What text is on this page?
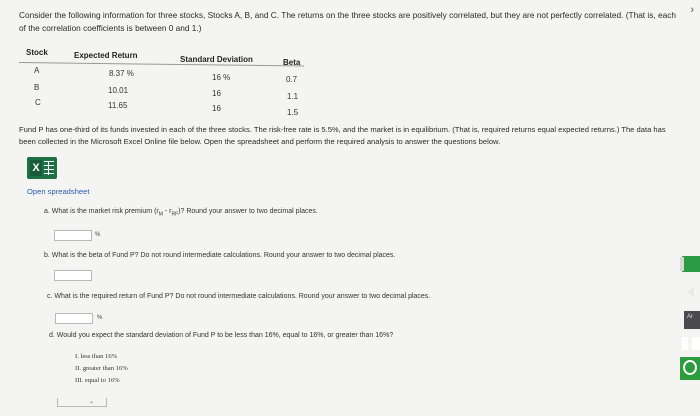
›
Consider the following information for three stocks, Stocks A, B, and C. The returns on the three stocks are positively correlated, but they are not perfectly correlated. (That is, each of the correlation coefficients is between 0 and 1.)
Stock	Expected Return	Standard Deviation	Beta
A	8.37 %	16 %	0.7
B	10.01	16	1.1
C	11.65	16	1.5
Fund P has one-third of its funds invested in each of the three stocks. The risk-free rate is 5.5%, and the market is in equilibrium. (That is, required returns equal expected returns.) The data has been collected in the Microsoft Excel Online file below. Open the spreadsheet and perform the required analysis to answer the questions below.
X
Open spreadsheet
a. What is the market risk premium $(r_M - r_{RF})$? Round your answer to two decimal places.
%
b. What is the beta of Fund P? Do not round intermediate calculations. Round your answer to two decimal places.
c. What is the required return of Fund P? Do not round intermediate calculations. Round your answer to two decimal places.
%
d. Would you expect the standard deviation of Fund P to be less than 16%, equal to 16%, or greater than 16%?
I. less than 16%
II. greater than 16%
III. equal to 16%
⌄
Ar
